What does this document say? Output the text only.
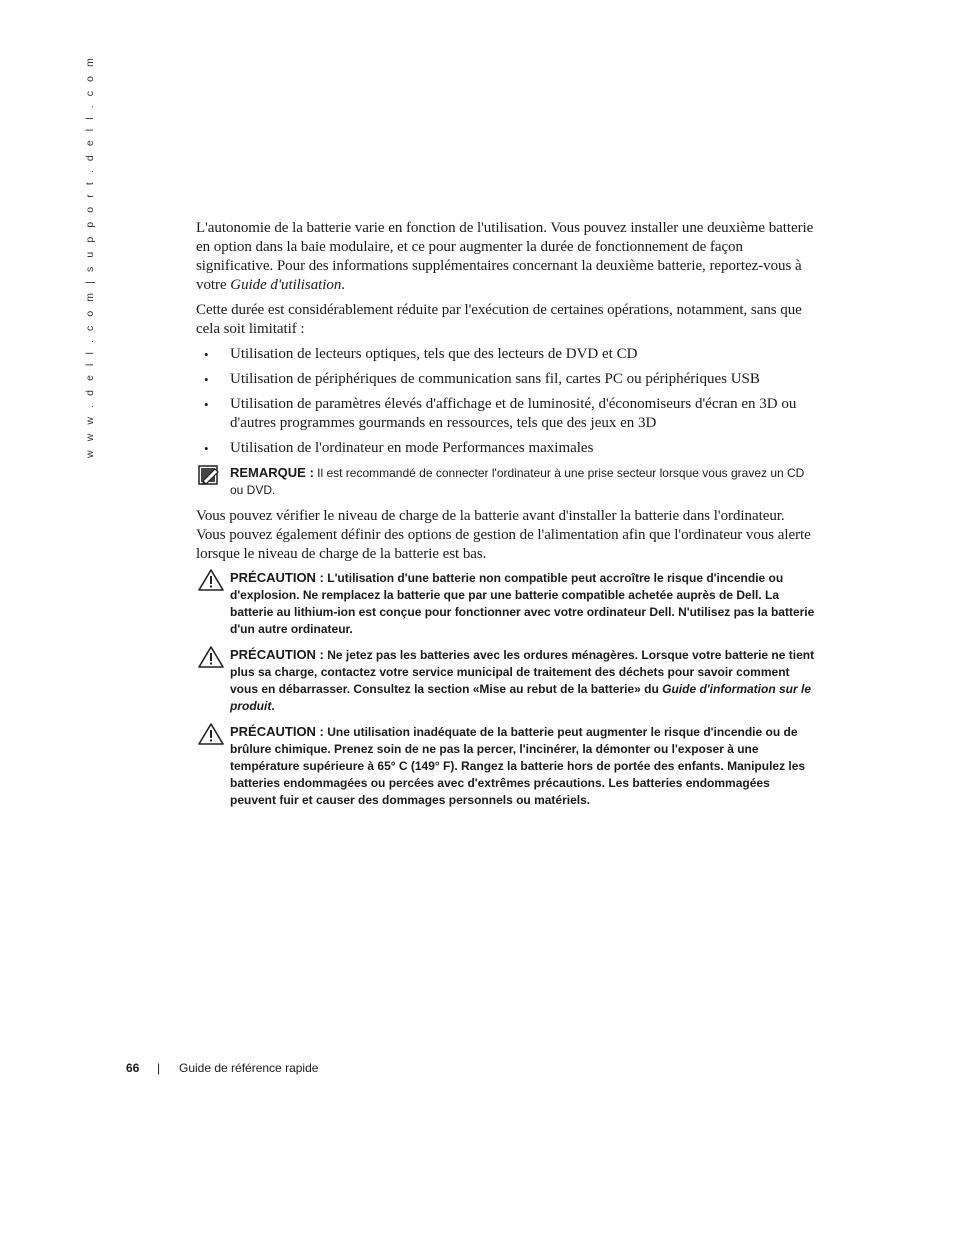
w w w . d e l l . c o m | s u p p o r t . d e l l . c o m	L'autonomie de la batterie varie en fonction de l'utilisation. Vous pouvez installer une deuxième batterie en option dans la baie modulaire, et ce pour augmenter la durée de fonctionnement de façon significative. Pour des informations supplémentaires concernant la deuxième batterie, reportez-vous à votre Guide d'utilisation.

Cette durée est considérablement réduite par l'exécution de certaines opérations, notamment, sans que cela soit limitatif :

• Utilisation de lecteurs optiques, tels que des lecteurs de DVD et CD
• Utilisation de périphériques de communication sans fil, cartes PC ou périphériques USB
• Utilisation de paramètres élevés d'affichage et de luminosité, d'économiseurs d'écran en 3D ou d'autres programmes gourmands en ressources, tels que des jeux en 3D
• Utilisation de l'ordinateur en mode Performances maximales
REMARQUE : Il est recommandé de connecter l'ordinateur à une prise secteur lorsque vous gravez un CD ou DVD.

Vous pouvez vérifier le niveau de charge de la batterie avant d'installer la batterie dans l'ordinateur. Vous pouvez également définir des options de gestion de l'alimentation afin que l'ordinateur vous alerte lorsque le niveau de charge de la batterie est bas.

PRÉCAUTION : L'utilisation d'une batterie non compatible peut accroître le risque d'incendie ou d'explosion. Ne remplacez la batterie que par une batterie compatible achetée auprès de Dell. La batterie au lithium-ion est conçue pour fonctionner avec votre ordinateur Dell. N'utilisez pas la batterie d'un autre ordinateur.
PRÉCAUTION : Ne jetez pas les batteries avec les ordures ménagères. Lorsque votre batterie ne tient plus sa charge, contactez votre service municipal de traitement des déchets pour savoir comment vous en débarrasser. Consultez la section «Mise au rebut de la batterie» du Guide d'information sur le produit.
PRÉCAUTION : Une utilisation inadéquate de la batterie peut augmenter le risque d'incendie ou de brûlure chimique. Prenez soin de ne pas la percer, l'incinérer, la démonter ou l'exposer à une température supérieure à 65° C (149° F). Rangez la batterie hors de portée des enfants. Manipulez les batteries endommagées ou percées avec d'extrêmes précautions. Les batteries endommagées peuvent fuir et causer des dommages personnels ou matériels.
66 | Guide de référence rapide
